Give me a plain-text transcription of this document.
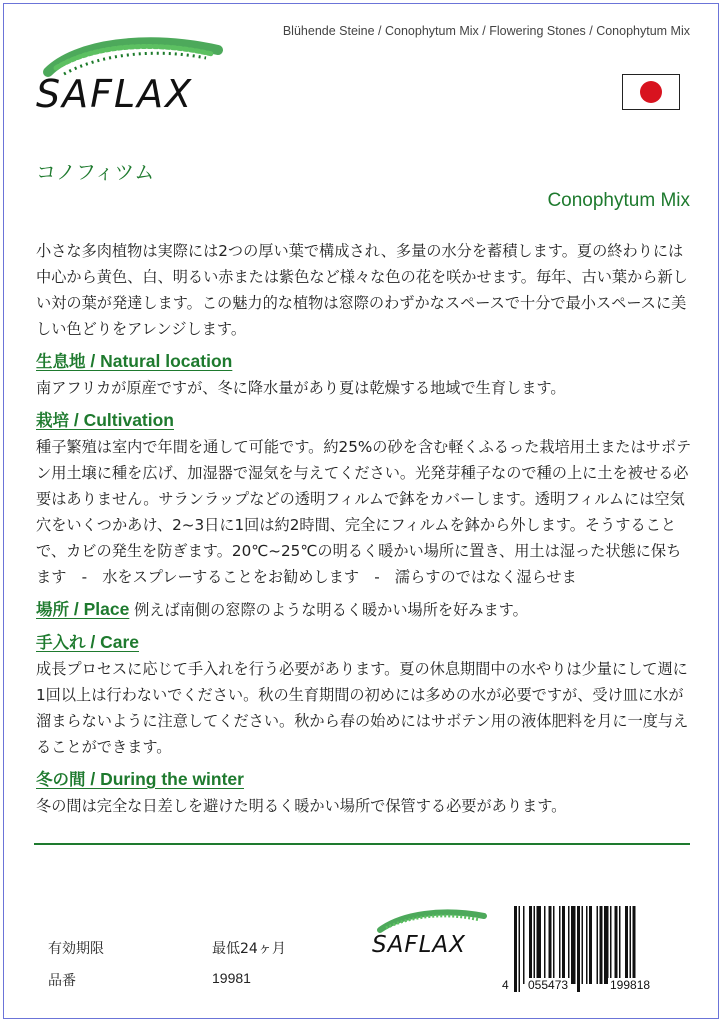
Blühende Steine / Conophytum Mix / Flowering Stones / Conophytum Mix
SAFLAX
コノフィツム
Conophytum Mix

小さな多肉植物は実際には2つの厚い葉で構成され、多量の水分を蓄積します。夏の終わりには中心から黄色、白、明るい赤または紫色など様々な色の花を咲かせます。毎年、古い葉から新しい対の葉が発達します。この魅力的な植物は窓際のわずかなスペースで十分で最小スペースに美しい色どりをアレンジします。

生息地 / Natural location

南アフリカが原産ですが、冬に降水量があり夏は乾燥する地域で生育します。

栽培 / Cultivation

種子繁殖は室内で年間を通して可能です。約25%の砂を含む軽くふるった栽培用土またはサボテン用土壌に種を広げ、加湿器で湿気を与えてください。光発芽種子なので種の上に土を被せる必要はありません。サランラップなどの透明フィルムで鉢をカバーします。透明フィルムには空気穴をいくつかあけ、2~3日に1回は約2時間、完全にフィルムを鉢から外します。そうすることで、カビの発生を防ぎます。20℃~25℃の明るく暖かい場所に置き、用土は湿った状態に保ちます　-　水をスプレーすることをお勧めします　-　濡らすのではなく湿らせま

場所 / Place 例えば南側の窓際のような明るく暖かい場所を好みます。
手入れ / Care

成長プロセスに応じて手入れを行う必要があります。夏の休息期間中の水やりは少量にして週に1回以上は行わないでください。秋の生育期間の初めには多めの水が必要ですが、受け皿に水が溜まらないように注意してください。秋から春の始めにはサボテン用の液体肥料を月に一度与えることができます。

冬の間 / During the winter

冬の間は完全な日差しを避けた明るく暖かい場所で保管する必要があります。

有効期限	最低24ヶ月
品番	19981
SAFLAX
4 055473	199818
